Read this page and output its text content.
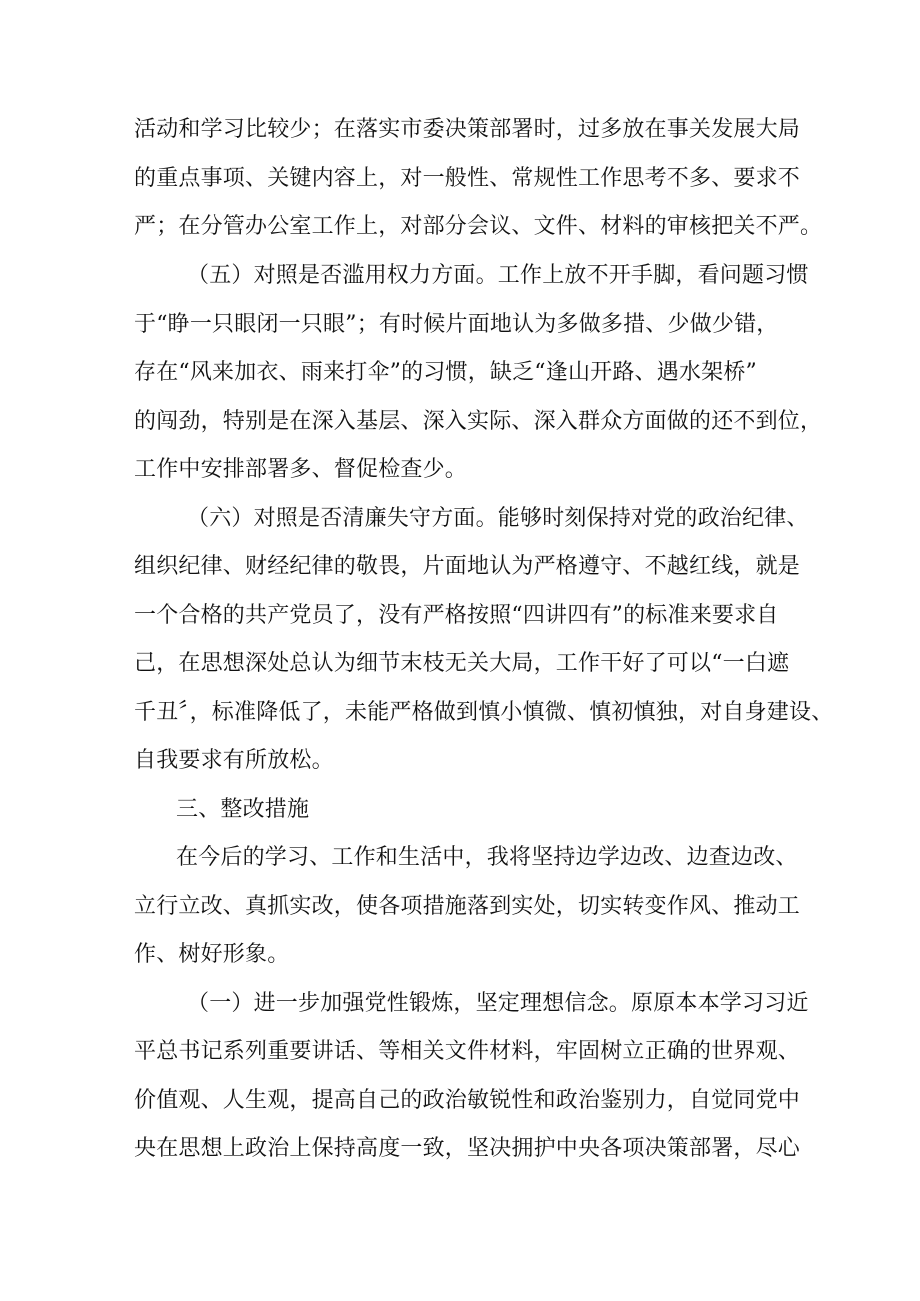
活动和学习比较少；在落实市委决策部署时，过多放在事关发展大局
的重点事项、关键内容上，对一般性、常规性工作思考不多、要求不
严；在分管办公室工作上，对部分会议、文件、材料的审核把关不严。
（五）对照是否滥用权力方面。工作上放不开手脚，看问题习惯
于“睁一只眼闭一只眼”；有时候片面地认为多做多措、少做少错，
存在“风来加衣、雨来打伞”的习惯，缺乏“逢山开路、遇水架桥”
的闯劲，特别是在深入基层、深入实际、深入群众方面做的还不到位，
工作中安排部署多、督促检查少。
（六）对照是否清廉失守方面。能够时刻保持对党的政治纪律、
组织纪律、财经纪律的敬畏，片面地认为严格遵守、不越红线，就是
一个合格的共产党员了，没有严格按照“四讲四有”的标准来要求自
己，在思想深处总认为细节末枝无关大局，工作干好了可以“一白遮
千丑〞，标准降低了，未能严格做到慎小慎微、慎初慎独，对自身建设、
自我要求有所放松。
三、整改措施
在今后的学习、工作和生活中，我将坚持边学边改、边查边改、
立行立改、真抓实改，使各项措施落到实处，切实转变作风、推动工
作、树好形象。
（一）进一步加强党性锻炼，坚定理想信念。原原本本学习习近
平总书记系列重要讲话、等相关文件材料，牢固树立正确的世界观、
价值观、人生观，提高自己的政治敏锐性和政治鉴别力，自觉同党中
央在思想上政治上保持高度一致，坚决拥护中央各项决策部署，尽心
